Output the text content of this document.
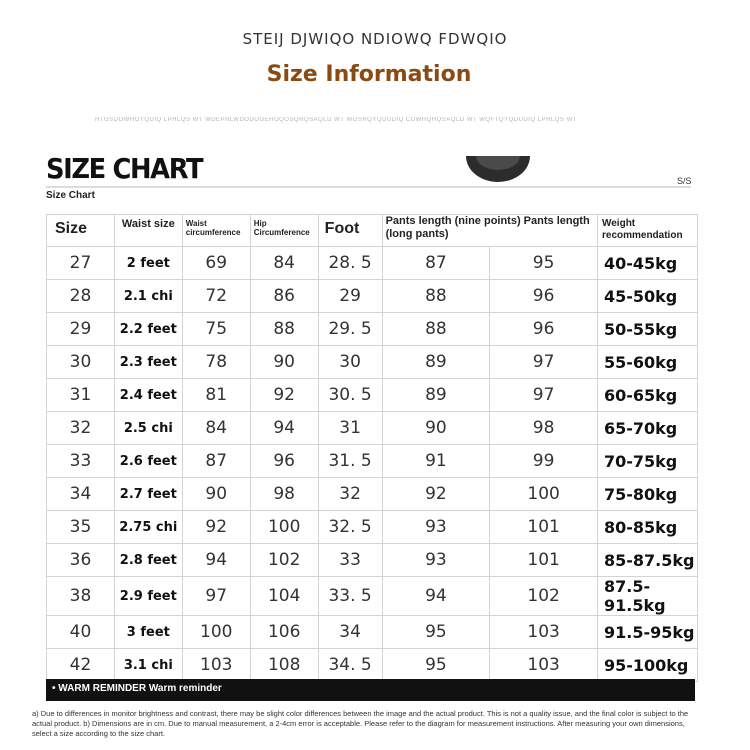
STEIJ DJWIQO NDIOWQ FDWQIO
Size Information
HTGSDOWHOYQDIQ LPHLQS WT WDEPHLWDODOGEHOQOSQHQSAQLD WT WGSRQYQDUDIQ CDWHQHQSAQLD WT WQFTQYQDUDIQ LPHLQS WT
SIZE CHART
Size Chart
S/S
Size	Waist size	Waist circumference	Hip Circumference	Foot	Pants length (nine points) Pants length (long pants)		Weight recommendation
27	2 feet	69	84	28. 5	87	95	40-45kg
28	2.1 chi	72	86	29	88	96	45-50kg
29	2.2 feet	75	88	29. 5	88	96	50-55kg
30	2.3 feet	78	90	30	89	97	55-60kg
31	2.4 feet	81	92	30. 5	89	97	60-65kg
32	2.5 chi	84	94	31	90	98	65-70kg
33	2.6 feet	87	96	31. 5	91	99	70-75kg
34	2.7 feet	90	98	32	92	100	75-80kg
35	2.75 chi	92	100	32. 5	93	101	80-85kg
36	2.8 feet	94	102	33	93	101	85-87.5kg
38	2.9 feet	97	104	33. 5	94	102	87.5-91.5kg
40	3 feet	100	106	34	95	103	91.5-95kg
42	3.1 chi	103	108	34. 5	95	103	95-100kg
• WARM REMINDER Warm reminder
a) Due to differences in monitor brightness and contrast, there may be slight color differences between the image and the actual product. This is not a quality issue, and the final color is subject to the actual product. b) Dimensions are in cm. Due to manual measurement, a 2-4cm error is acceptable. Please refer to the diagram for measurement instructions. After measuring your own dimensions, select a size according to the size chart.
